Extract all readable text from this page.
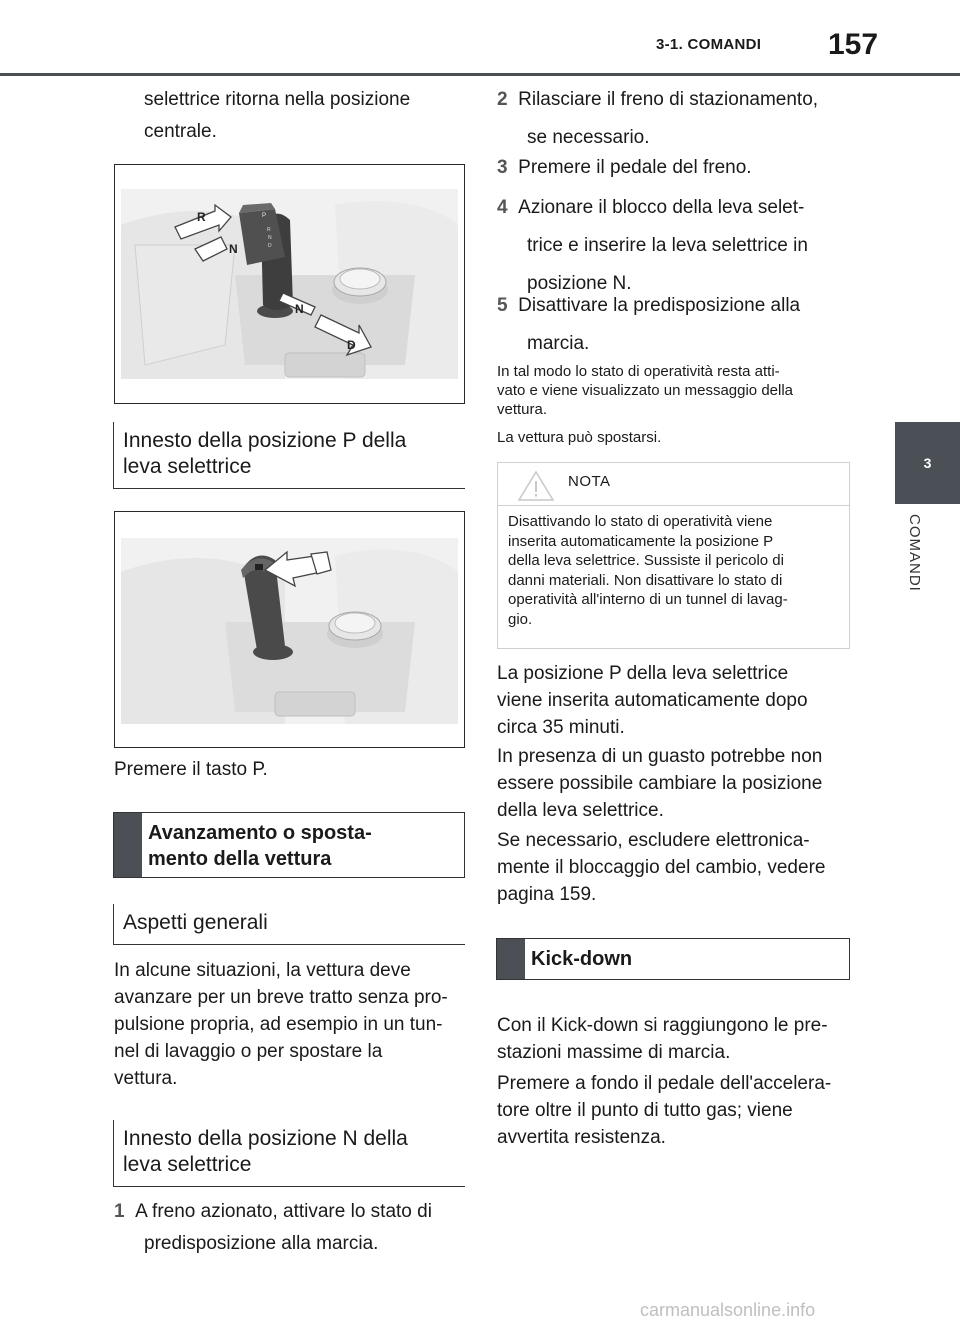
3-1. COMANDI 157
3
COMANDI
selettrice ritorna nella posizione
centrale.
P
R
N
D
R
N
N
D
Innesto della posizione P della
leva selettrice
Premere il tasto P.
Avanzamento o sposta-
mento della vettura
Aspetti generali
In alcune situazioni, la vettura deve
avanzare per un breve tratto senza pro-
pulsione propria, ad esempio in un tun-
nel di lavaggio o per spostare la
vettura.
Innesto della posizione N della
leva selettrice
1 A freno azionato, attivare lo stato di
predisposizione alla marcia.
2 Rilasciare il freno di stazionamento,
se necessario.
3 Premere il pedale del freno.
4 Azionare il blocco della leva selet-
trice e inserire la leva selettrice in
posizione N.
5 Disattivare la predisposizione alla
marcia.
In tal modo lo stato di operatività resta atti-
vato e viene visualizzato un messaggio della
vettura.
La vettura può spostarsi.
NOTA
Disattivando lo stato di operatività viene
inserita automaticamente la posizione P
della leva selettrice. Sussiste il pericolo di
danni materiali. Non disattivare lo stato di
operatività all'interno di un tunnel di lavag-
gio.
La posizione P della leva selettrice
viene inserita automaticamente dopo
circa 35 minuti.
In presenza di un guasto potrebbe non
essere possibile cambiare la posizione
della leva selettrice.
Se necessario, escludere elettronica-
mente il bloccaggio del cambio, vedere
pagina 159.
Kick-down
Con il Kick-down si raggiungono le pre-
stazioni massime di marcia.
Premere a fondo il pedale dell'accelera-
tore oltre il punto di tutto gas; viene
avvertita resistenza.
carmanualsonline.info
